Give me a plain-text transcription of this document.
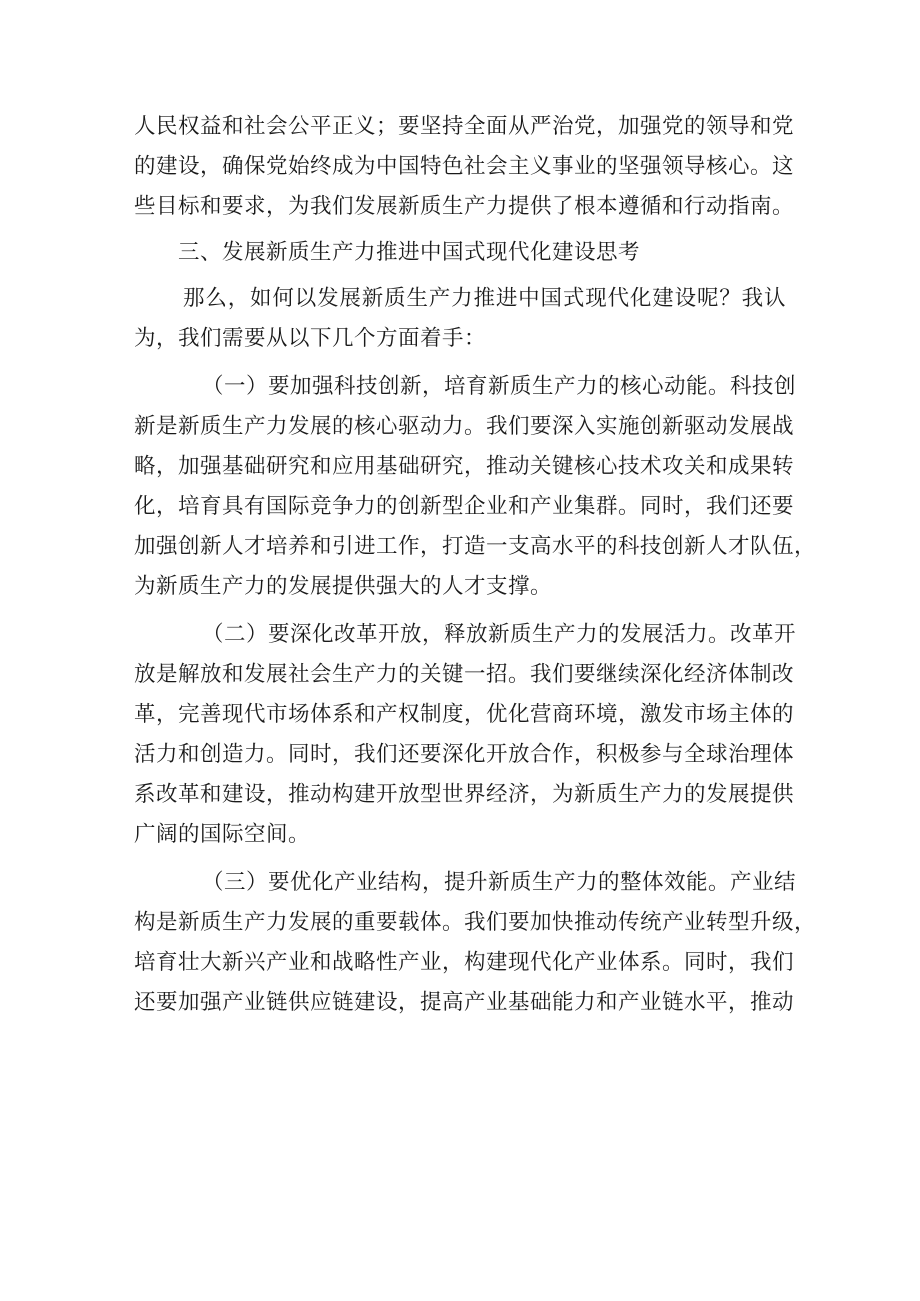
人民权益和社会公平正义；要坚持全面从严治党，加强党的领导和党
的建设，确保党始终成为中国特色社会主义事业的坚强领导核心。这
些目标和要求，为我们发展新质生产力提供了根本遵循和行动指南。
三、发展新质生产力推进中国式现代化建设思考
那么，如何以发展新质生产力推进中国式现代化建设呢？我认
为，我们需要从以下几个方面着手：
（一）要加强科技创新，培育新质生产力的核心动能。科技创
新是新质生产力发展的核心驱动力。我们要深入实施创新驱动发展战
略，加强基础研究和应用基础研究，推动关键核心技术攻关和成果转
化，培育具有国际竞争力的创新型企业和产业集群。同时，我们还要
加强创新人才培养和引进工作，打造一支高水平的科技创新人才队伍，
为新质生产力的发展提供强大的人才支撑。
（二）要深化改革开放，释放新质生产力的发展活力。改革开
放是解放和发展社会生产力的关键一招。我们要继续深化经济体制改
革，完善现代市场体系和产权制度，优化营商环境，激发市场主体的
活力和创造力。同时，我们还要深化开放合作，积极参与全球治理体
系改革和建设，推动构建开放型世界经济，为新质生产力的发展提供
广阔的国际空间。
（三）要优化产业结构，提升新质生产力的整体效能。产业结
构是新质生产力发展的重要载体。我们要加快推动传统产业转型升级，
培育壮大新兴产业和战略性产业，构建现代化产业体系。同时，我们
还要加强产业链供应链建设，提高产业基础能力和产业链水平，推动
